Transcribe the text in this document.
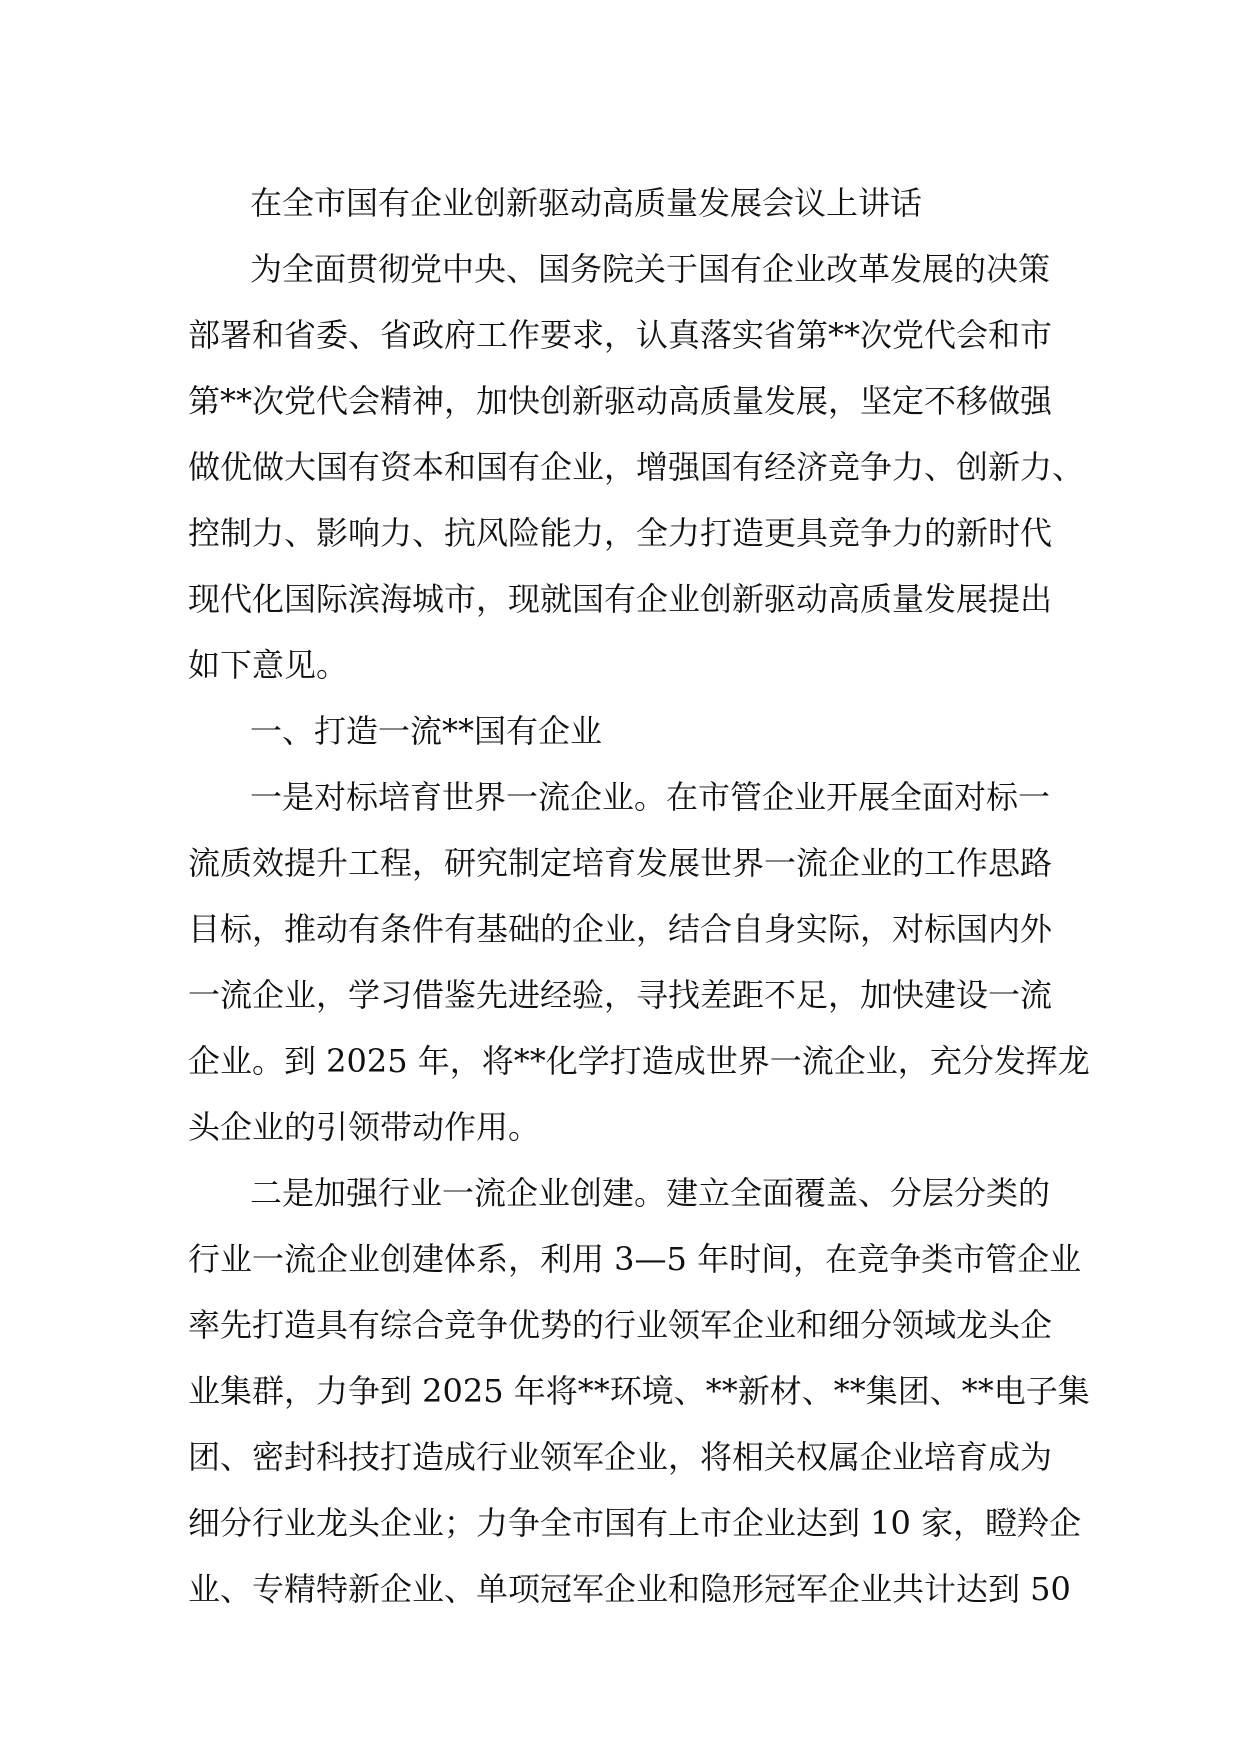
在全市国有企业创新驱动高质量发展会议上讲话
为全面贯彻党中央、国务院关于国有企业改革发展的决策
部署和省委、省政府工作要求，认真落实省第**次党代会和市
第**次党代会精神，加快创新驱动高质量发展，坚定不移做强
做优做大国有资本和国有企业，增强国有经济竞争力、创新力、
控制力、影响力、抗风险能力，全力打造更具竞争力的新时代
现代化国际滨海城市，现就国有企业创新驱动高质量发展提出
如下意见。
一、打造一流**国有企业
一是对标培育世界一流企业。在市管企业开展全面对标一
流质效提升工程，研究制定培育发展世界一流企业的工作思路
目标，推动有条件有基础的企业，结合自身实际，对标国内外
一流企业，学习借鉴先进经验，寻找差距不足，加快建设一流
企业。到 2025 年，将**化学打造成世界一流企业，充分发挥龙
头企业的引领带动作用。
二是加强行业一流企业创建。建立全面覆盖、分层分类的
行业一流企业创建体系，利用 3—5 年时间，在竞争类市管企业
率先打造具有综合竞争优势的行业领军企业和细分领域龙头企
业集群，力争到 2025 年将**环境、**新材、**集团、**电子集
团、密封科技打造成行业领军企业，将相关权属企业培育成为
细分行业龙头企业；力争全市国有上市企业达到 10 家，瞪羚企
业、专精特新企业、单项冠军企业和隐形冠军企业共计达到 50
